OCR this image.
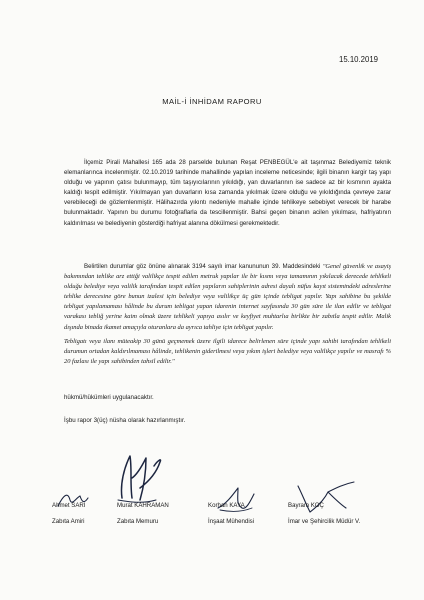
15.10.2019
MAİL-İ İNHİDAM RAPORU

İlçemiz Pirali Mahallesi 165 ada 28 parselde bulunan Reşat PENBEGÜL'e ait taşınmaz Belediyemiz teknik elemanlarınca incelenmiştir. 02.10.2019 tarihinde mahallinde yapılan inceleme neticesinde; ilgili binanın kargir taş yapı olduğu ve yapının çatısı bulunmayıp, tüm taşıyıcılarının yıkıldığı, yan duvarlarının ise sadece az bir kısmının ayakta kaldığı tespit edilmiştir. Yıkılmayan yan duvarların kısa zamanda yıkılmak üzere olduğu ve yıkıldığında çevreye zarar verebileceği de gözlemlenmiştir. Hâlihazırda yıkıntı nedeniyle mahalle içinde tehlikeye sebebiyet verecek bir harabe bulunmaktadır. Yapının bu durumu fotoğraflarla da tescillenmiştir. Bahsi geçen binanın acilen yıkılması, hafriyatının kaldırılması ve belediyenin gösterdiği hafriyat alanına dökülmesi gerekmektedir.

Belirtilen durumlar göz önüne alınarak 3194 sayılı imar kanununun 39. Maddesindeki "Genel güvenlik ve asayiş bakımından tehlike arz ettiği valilikçe tespit edilen metruk yapılar ile bir kısmı veya tamamının yıkılacak derecede tehlikeli olduğu belediye veya valilik tarafından tespit edilen yapıların sahiplerinin adresi dayalı nüfus kayıt sistemindeki adreslerine tehlike derecesine göre bunun izalesi için belediye veya valilikçe üç gün içinde tebligat yapılır. Yapı sahibine bu şekilde tebligat yapılamaması hâlinde bu durum tebligat yapan idarenin internet sayfasında 30 gün süre ile ilan edilir ve tebligat varakası tebliğ yerine kaim olmak üzere tehlikeli yapıya asılır ve keyfiyet muhtarlıa birlikte bir zabıtla tespit edilir. Malik dışında binada ikamet amaçıyla oturanlara da ayrıca tahliye için tebligat yapılır.

Tebligatı veya ilanı müteakip 30 günü geçmemek üzere ilgili idarece belirlenen süre içinde yapı sahibi tarafından tehlikeli durumun ortadan kaldırılmaması hâlinde, tehlikenin giderilmesi veya yıkım işleri belediye veya valilikçe yapılır ve masrafı % 20 fazlası ile yapı sahibinden tahsil edilir."

hükmü/hükümleri uygulanacaktır.

İşbu rapor 3(üç) nüsha olarak hazırlanmıştır.
Ahmet SARI
Zabıta Amiri
Murat KAHRAMAN
Zabıta Memuru
Korhan KAYA
İnşaat Mühendisi
Bayram KOÇ
İmar ve Şehircilik Müdür V.
